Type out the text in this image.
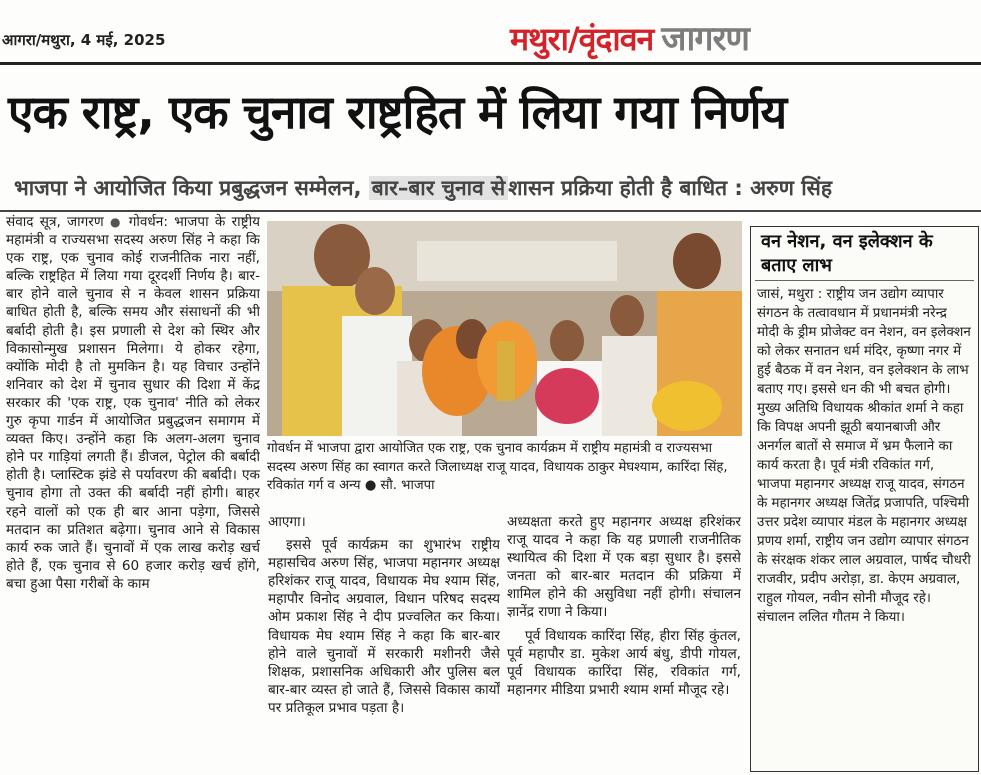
आगरा/मथुरा, 4 मई, 2025	मथुरा/वृंदावन जागरण
एक राष्ट्र, एक चुनाव राष्ट्रहित में लिया गया निर्णय
भाजपा ने आयोजित किया प्रबुद्धजन सम्मेलन, बार–बार चुनाव से शासन प्रक्रिया होती है बाधित : अरुण सिंह

संवाद सूत्र, जागरण ● गोवर्धन: भाजपा के राष्ट्रीय महामंत्री व राज्यसभा सदस्य अरुण सिंह ने कहा कि एक राष्ट्र, एक चुनाव कोई राजनीतिक नारा नहीं, बल्कि राष्ट्रहित में लिया गया दूरदर्शी निर्णय है। बार-बार होने वाले चुनाव से न केवल शासन प्रक्रिया बाधित होती है, बल्कि समय और संसाधनों की भी बर्बादी होती है। इस प्रणाली से देश को स्थिर और विकासोन्मुख प्रशासन मिलेगा। ये होकर रहेगा, क्योंकि मोदी है तो मुमकिन है। यह विचार उन्होंने शनिवार को देश में चुनाव सुधार की दिशा में केंद्र सरकार की 'एक राष्ट्र, एक चुनाव' नीति को लेकर गुरु कृपा गार्डन में आयोजित प्रबुद्धजन समागम में व्यक्त किए। उन्होंने कहा कि अलग-अलग चुनाव होने पर गाड़ियां लगती हैं। डीजल, पेट्रोल की बर्बादी होती है। प्लास्टिक झंडे से पर्यावरण की बर्बादी। एक चुनाव होगा तो उक्त की बर्बादी नहीं होगी। बाहर रहने वालों को एक ही बार आना पड़ेगा, जिससे मतदान का प्रतिशत बढ़ेगा। चुनाव आने से विकास कार्य रुक जाते हैं। चुनावों में एक लाख करोड़ खर्च होते हैं, एक चुनाव से 60 हजार करोड़ खर्च होंगे, बचा हुआ पैसा गरीबों के काम

गोवर्धन में भाजपा द्वारा आयोजित एक राष्ट्र, एक चुनाव कार्यक्रम में राष्ट्रीय महामंत्री व राज्यसभा सदस्य अरुण सिंह का स्वागत करते जिलाध्यक्ष राजू यादव, विधायक ठाकुर मेघश्याम, कारिंदा सिंह, रविकांत गर्ग व अन्य ● सौ. भाजपा

आएगा।

इससे पूर्व कार्यक्रम का शुभारंभ राष्ट्रीय महासचिव अरुण सिंह, भाजपा महानगर अध्यक्ष हरिशंकर राजू यादव, विधायक मेघ श्याम सिंह, महापौर विनोद अग्रवाल, विधान परिषद सदस्य ओम प्रकाश सिंह ने दीप प्रज्वलित कर किया। विधायक मेघ श्याम सिंह ने कहा कि बार-बार होने वाले चुनावों में सरकारी मशीनरी जैसे शिक्षक, प्रशासनिक अधिकारी और पुलिस बल बार-बार व्यस्त हो जाते हैं, जिससे विकास कार्यों पर प्रतिकूल प्रभाव पड़ता है।

अध्यक्षता करते हुए महानगर अध्यक्ष हरिशंकर राजू यादव ने कहा कि यह प्रणाली राजनीतिक स्थायित्व की दिशा में एक बड़ा सुधार है। इससे जनता को बार-बार मतदान की प्रक्रिया में शामिल होने की असुविधा नहीं होगी। संचालन ज्ञानेंद्र राणा ने किया।

पूर्व विधायक कारिंदा सिंह, हीरा सिंह कुंतल, पूर्व महापौर डा. मुकेश आर्य बंधु, डीपी गोयल, पूर्व विधायक कारिंदा सिंह, रविकांत गर्ग, महानगर मीडिया प्रभारी श्याम शर्मा मौजूद रहे।

वन नेशन, वन इलेक्शन के बताए लाभ
जासं, मथुरा : राष्ट्रीय जन उद्योग व्यापार संगठन के तत्वावधान में प्रधानमंत्री नरेन्द्र मोदी के ड्रीम प्रोजेक्ट वन नेशन, वन इलेक्शन को लेकर सनातन धर्म मंदिर, कृष्णा नगर में हुई बैठक में वन नेशन, वन इलेक्शन के लाभ बताए गए। इससे धन की भी बचत होगी। मुख्य अतिथि विधायक श्रीकांत शर्मा ने कहा कि विपक्ष अपनी झूठी बयानबाजी और अनर्गल बातों से समाज में भ्रम फैलाने का कार्य करता है। पूर्व मंत्री रविकांत गर्ग, भाजपा महानगर अध्यक्ष राजू यादव, संगठन के महानगर अध्यक्ष जितेंद्र प्रजापति, पश्चिमी उत्तर प्रदेश व्यापार मंडल के महानगर अध्यक्ष प्रणय शर्मा, राष्ट्रीय जन उद्योग व्यापार संगठन के संरक्षक शंकर लाल अग्रवाल, पार्षद चौधरी राजवीर, प्रदीप अरोड़ा, डा. केएम अग्रवाल, राहुल गोयल, नवीन सोनी मौजूद रहे। संचालन ललित गौतम ने किया।
